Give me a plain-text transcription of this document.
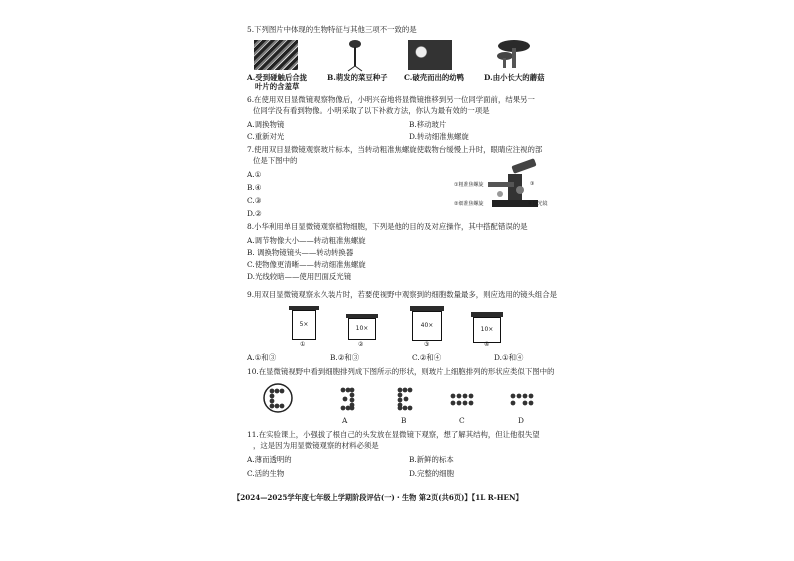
5.下列图片中体现的生物特征与其他三项不一致的是
A.受到碰触后合拢
叶片的含羞草
B.萌发的菜豆种子 C.破壳而出的幼鸭	D.由小长大的蘑菇
6.在使用双目显微镜观察物像后，小明兴奋地将显微镜推移到另一位同学面前，结果另一
位同学没有看到物像。小明采取了以下补救方法，你认为最有效的一项是
A.调换物镜	B.移动玻片
C.重新对光	D.转动细准焦螺旋
7.使用双目显微镜观察玻片标本，当转动粗准焦螺旋使载物台缓慢上升时，眼睛应注视的部
位是下图中的
A.①
B.④
C.③
D.②
①粗准焦螺旋
②细准焦螺旋
③
④反光镜
8.小华利用单目显微镜观察植物细胞，下列是他的目的及对应操作，其中搭配错误的是
A.调节物像大小——转动粗准焦螺旋
B. 调换物镜镜头——转动转换器
C.使物像更清晰——转动细准焦螺旋
D.光线较暗——使用凹面反光镜
9.用双目显微镜观察永久装片时，若要使视野中观察到的细胞数量最多，则应选用的镜头组合是
5×
①
10×
②
40×
③
10×
④
A.①和③	B.②和③	C.②和④	D.①和④
10.在显微镜视野中看到细胞排列成下图所示的形状，则玻片上细胞排列的形状应类似下图中的
A	B	C	D
11.在实验课上，小强拔了根自己的头发放在显微镜下观察，想了解其结构，但让他很失望
，这是因为用显微镜观察的材料必须是
A.薄而透明的	B.新鲜的标本
C.活的生物	D.完整的细胞
【2024—2025学年度七年级上学期阶段评估(一)・生物 第2页(共6页)】【1L R-HEN】
